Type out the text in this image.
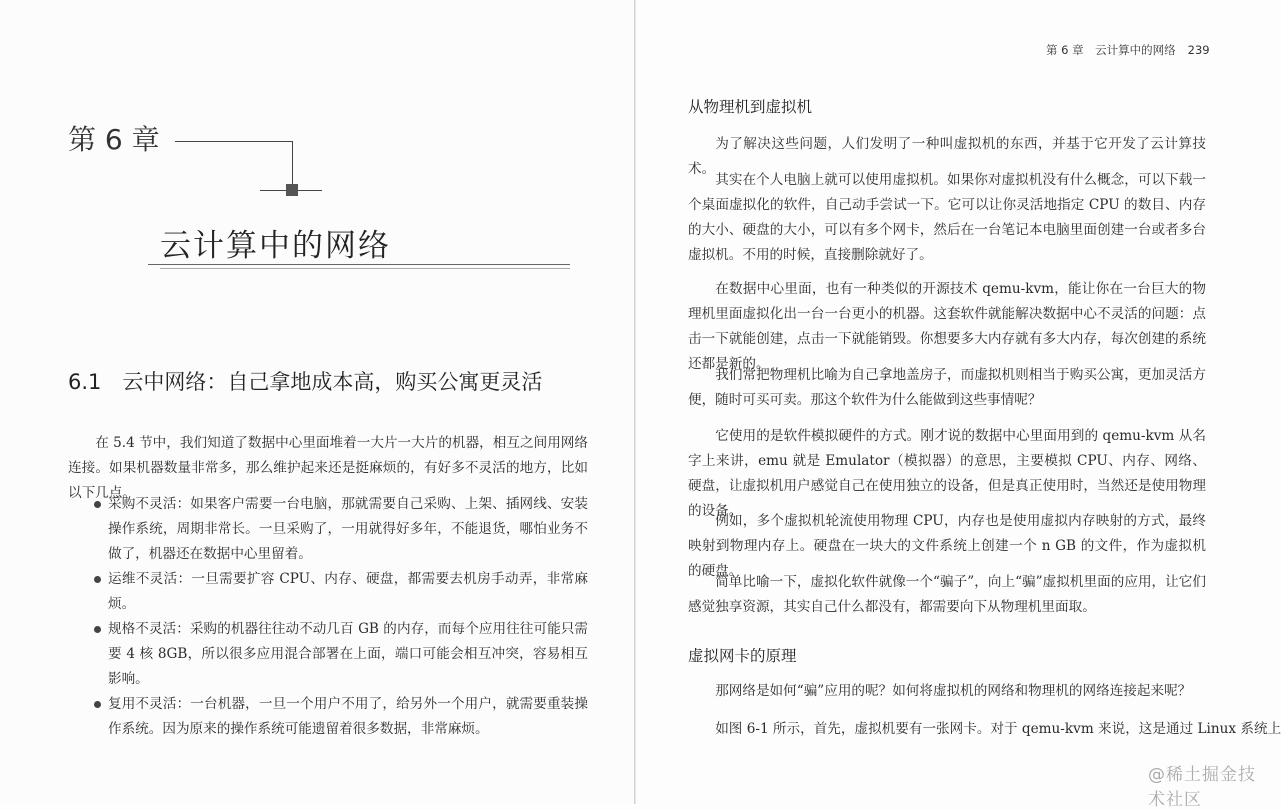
第 6 章
云计算中的网络
6.1　云中网络：自己拿地成本高，购买公寓更灵活
在 5.4 节中，我们知道了数据中心里面堆着一大片一大片的机器，相互之间用网络连接。如果机器数量非常多，那么维护起来还是挺麻烦的，有好多不灵活的地方，比如以下几点。
采购不灵活：如果客户需要一台电脑，那就需要自己采购、上架、插网线、安装操作系统，周期非常长。一旦采购了，一用就得好多年，不能退货，哪怕业务不做了，机器还在数据中心里留着。
运维不灵活：一旦需要扩容 CPU、内存、硬盘，都需要去机房手动弄，非常麻烦。
规格不灵活：采购的机器往往动不动几百 GB 的内存，而每个应用往往可能只需要 4 核 8GB，所以很多应用混合部署在上面，端口可能会相互冲突，容易相互影响。
复用不灵活：一台机器，一旦一个用户不用了，给另外一个用户，就需要重装操作系统。因为原来的操作系统可能遗留着很多数据，非常麻烦。
第 6 章　云计算中的网络 239
从物理机到虚拟机
为了解决这些问题，人们发明了一种叫虚拟机的东西，并基于它开发了云计算技术。
其实在个人电脑上就可以使用虚拟机。如果你对虚拟机没有什么概念，可以下载一个桌面虚拟化的软件，自己动手尝试一下。它可以让你灵活地指定 CPU 的数目、内存的大小、硬盘的大小，可以有多个网卡，然后在一台笔记本电脑里面创建一台或者多台虚拟机。不用的时候，直接删除就好了。
在数据中心里面，也有一种类似的开源技术 qemu-kvm，能让你在一台巨大的物理机里面虚拟化出一台一台更小的机器。这套软件就能解决数据中心不灵活的问题：点击一下就能创建，点击一下就能销毁。你想要多大内存就有多大内存，每次创建的系统还都是新的。
我们常把物理机比喻为自己拿地盖房子，而虚拟机则相当于购买公寓，更加灵活方便，随时可买可卖。那这个软件为什么能做到这些事情呢？
它使用的是软件模拟硬件的方式。刚才说的数据中心里面用到的 qemu-kvm 从名字上来讲，emu 就是 Emulator（模拟器）的意思，主要模拟 CPU、内存、网络、硬盘，让虚拟机用户感觉自己在使用独立的设备，但是真正使用时，当然还是使用物理的设备。
例如，多个虚拟机轮流使用物理 CPU，内存也是使用虚拟内存映射的方式，最终映射到物理内存上。硬盘在一块大的文件系统上创建一个 n GB 的文件，作为虚拟机的硬盘。
简单比喻一下，虚拟化软件就像一个“骗子”，向上“骗”虚拟机里面的应用，让它们感觉独享资源，其实自己什么都没有，都需要向下从物理机里面取。
虚拟网卡的原理
那网络是如何“骗”应用的呢？如何将虚拟机的网络和物理机的网络连接起来呢？
如图 6-1 所示，首先，虚拟机要有一张网卡。对于 qemu-kvm 来说，这是通过 Linux 系统上
@稀土掘金技术社区
